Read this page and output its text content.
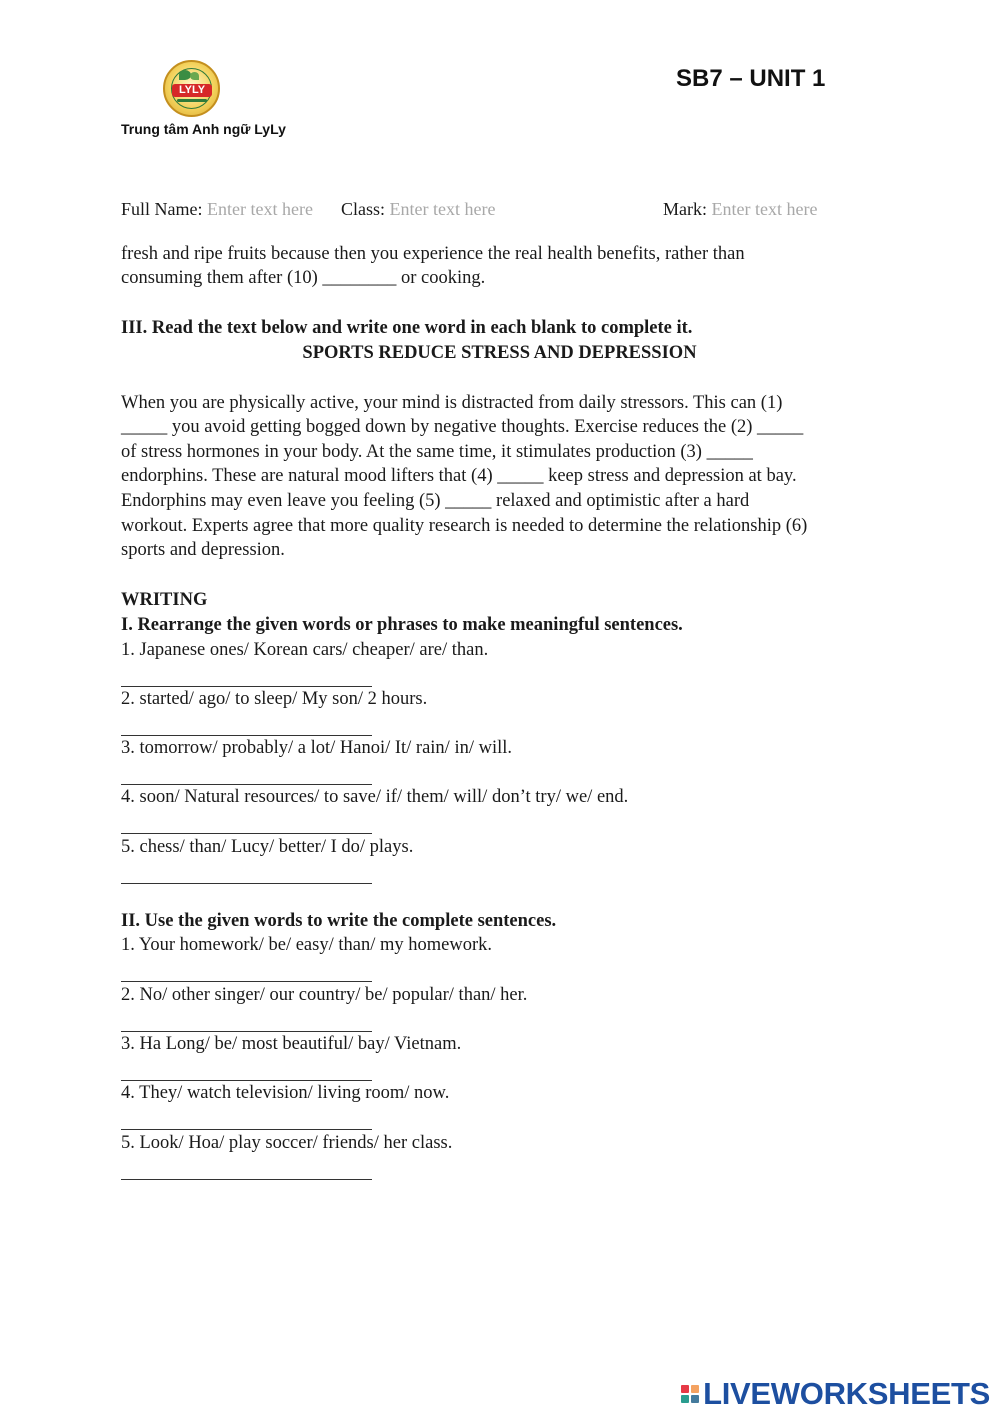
LYLY
Trung tâm Anh ngữ LyLy
SB7 – UNIT 1
Full Name: Enter text here Class: Enter text here	Mark: Enter text here
fresh and ripe fruits because then you experience the real health benefits, rather than
consuming them after (10) ________ or cooking.
III. Read the text below and write one word in each blank to complete it.
SPORTS REDUCE STRESS AND DEPRESSION
When you are physically active, your mind is distracted from daily stressors. This can (1)
_____ you avoid getting bogged down by negative thoughts. Exercise reduces the (2) _____
of stress hormones in your body. At the same time, it stimulates production (3) _____
endorphins. These are natural mood lifters that (4) _____ keep stress and depression at bay.
Endorphins may even leave you feeling (5) _____ relaxed and optimistic after a hard
workout. Experts agree that more quality research is needed to determine the relationship (6)
sports and depression.
WRITING
I. Rearrange the given words or phrases to make meaningful sentences.
1. Japanese ones/ Korean cars/ cheaper/ are/ than.
2. started/ ago/ to sleep/ My son/ 2 hours.
3. tomorrow/ probably/ a lot/ Hanoi/ It/ rain/ in/ will.
4. soon/ Natural resources/ to save/ if/ them/ will/ don’t try/ we/ end.
5. chess/ than/ Lucy/ better/ I do/ plays.
II. Use the given words to write the complete sentences.
1. Your homework/ be/ easy/ than/ my homework.
2. No/ other singer/ our country/ be/ popular/ than/ her.
3. Ha Long/ be/ most beautiful/ bay/ Vietnam.
4. They/ watch television/ living room/ now.
5. Look/ Hoa/ play soccer/ friends/ her class.
LIVEWORKSHEETS
